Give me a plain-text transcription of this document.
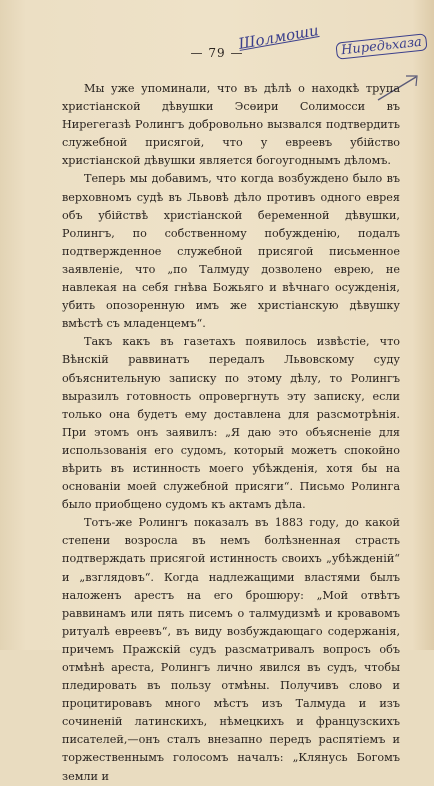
— 79 —
Шолмоши	Ниредьхаза

Мы уже упоминали, что въ дѣлѣ о находкѣ трупа христіанской дѣвушки Эсөири Солимосси въ Ниpегегазѣ Ролингъ добровольно вызвался подтвердить служебной присягой, что у евреевъ убійство христіанской дѣвушки является богоугоднымъ дѣломъ.

Теперь мы добавимъ, что когда возбуждено было въ верховномъ судѣ въ Львовѣ дѣло противъ одного еврея объ убійствѣ христіанской беременной дѣвушки, Ролингъ, по собственному побужденію, подалъ подтвержденное служебной присягой письменное заявленіе, что „по Талмуду дозволено еврею, не навлекая на себя гнѣва Божьяго и вѣчнаго осужденія, убить опозоренную имъ же христіанскую дѣвушку вмѣстѣ съ младенцемъ“.

Такъ какъ въ газетахъ появилось извѣстіе, что Вѣнскій раввинатъ передалъ Львовскому суду объяснительную записку по этому дѣлу, то Ролингъ выразилъ готовность опровергнуть эту записку, если только она будетъ ему доставлена для разсмотрѣнія. При этомъ онъ заявилъ: „Я даю это объясненіе для использованія его судомъ, который можетъ спокойно вѣрить въ истинность моего убѣжденія, хотя бы на основаніи моей служебной присяги“. Письмо Ролинга было приобщено судомъ къ актамъ дѣла.

Тотъ-же Ролингъ показалъ въ 1883 году, до какой степени возросла въ немъ болѣзненная страсть подтверждать присягой истинность своихъ „убѣжденій“ и „взглядовъ“. Когда надлежащими властями былъ наложенъ арестъ на его брошюру: „Мой отвѣтъ раввинамъ или пять писемъ о талмудизмѣ и кровавомъ ритуалѣ евреевъ“, въ виду возбуждающаго содержанія, причемъ Пражскій судъ разсматривалъ вопросъ объ отмѣнѣ ареста, Ролингъ лично явился въ судъ, чтобы пледировать въ пользу отмѣны. Получивъ слово и процитировавъ много мѣстъ изъ Талмуда и изъ сочиненій латинскихъ, нѣмецкихъ и французскихъ писателей,—онъ сталъ внезапно передъ распятіемъ и торжественнымъ голосомъ началъ: „Клянусь Богомъ земли и
